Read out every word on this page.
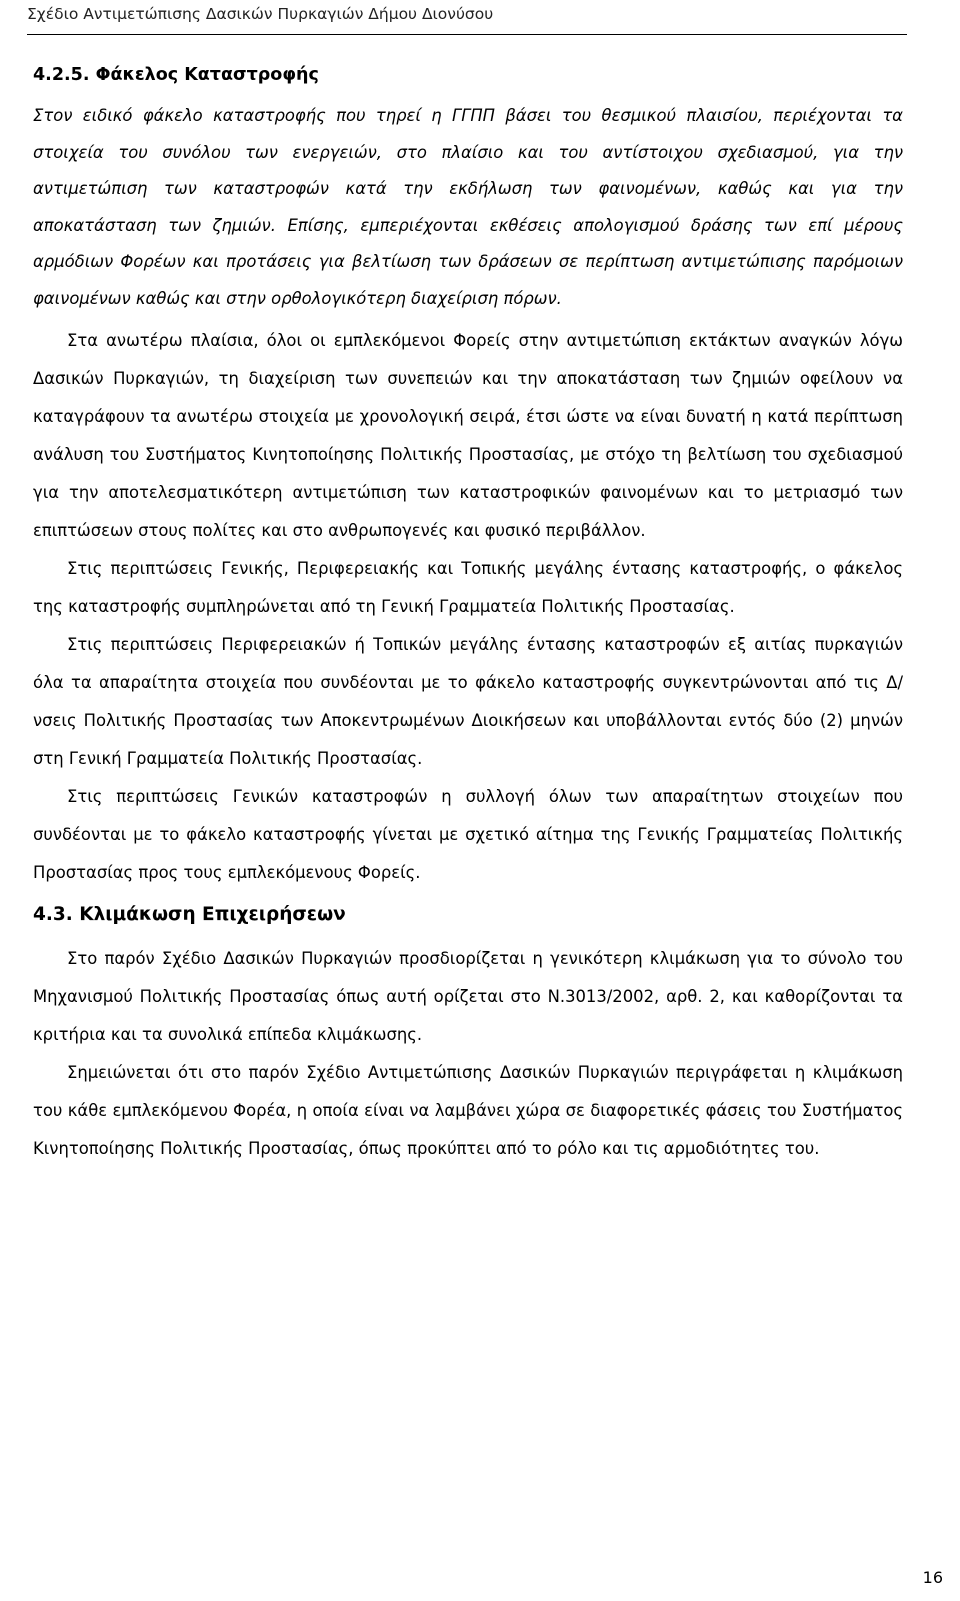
Σχέδιο Αντιμετώπισης Δασικών Πυρκαγιών Δήμου Διονύσου
4.2.5. Φάκελος Καταστροφής

Στον ειδικό φάκελο καταστροφής που τηρεί η ΓΓΠΠ βάσει του θεσμικού πλαισίου, περιέχονται τα στοιχεία του συνόλου των ενεργειών, στο πλαίσιο και του αντίστοιχου σχεδιασμού, για την αντιμετώπιση των καταστροφών κατά την εκδήλωση των φαινομένων, καθώς και για την αποκατάσταση των ζημιών. Επίσης, εμπεριέχονται εκθέσεις απολογισμού δράσης των επί μέρους αρμόδιων Φορέων και προτάσεις για βελτίωση των δράσεων σε περίπτωση αντιμετώπισης παρόμοιων φαινομένων καθώς και στην ορθολογικότερη διαχείριση πόρων.

Στα ανωτέρω πλαίσια, όλοι οι εμπλεκόμενοι Φορείς στην αντιμετώπιση εκτάκτων αναγκών λόγω Δασικών Πυρκαγιών, τη διαχείριση των συνεπειών και την αποκατάσταση των ζημιών οφείλουν να καταγράφουν τα ανωτέρω στοιχεία με χρονολογική σειρά, έτσι ώστε να είναι δυνατή η κατά περίπτωση ανάλυση του Συστήματος Κινητοποίησης Πολιτικής Προστασίας, με στόχο τη βελτίωση του σχεδιασμού για την αποτελεσματικότερη αντιμετώπιση των καταστροφικών φαινομένων και το μετριασμό των επιπτώσεων στους πολίτες και στο ανθρωπογενές και φυσικό περιβάλλον.

Στις περιπτώσεις Γενικής, Περιφερειακής και Τοπικής μεγάλης έντασης καταστροφής, ο φάκελος της καταστροφής συμπληρώνεται από τη Γενική Γραμματεία Πολιτικής Προστασίας.

Στις περιπτώσεις Περιφερειακών ή Τοπικών μεγάλης έντασης καταστροφών εξ αιτίας πυρκαγιών όλα τα απαραίτητα στοιχεία που συνδέονται με το φάκελο καταστροφής συγκεντρώνονται από τις Δ/νσεις Πολιτικής Προστασίας των Αποκεντρωμένων Διοικήσεων και υποβάλλονται εντός δύο (2) μηνών στη Γενική Γραμματεία Πολιτικής Προστασίας.

Στις περιπτώσεις Γενικών καταστροφών η συλλογή όλων των απαραίτητων στοιχείων που συνδέονται με το φάκελο καταστροφής γίνεται με σχετικό αίτημα της Γενικής Γραμματείας Πολιτικής Προστασίας προς τους εμπλεκόμενους Φορείς.

4.3. Κλιμάκωση Επιχειρήσεων

Στο παρόν Σχέδιο Δασικών Πυρκαγιών προσδιορίζεται η γενικότερη κλιμάκωση για το σύνολο του Μηχανισμού Πολιτικής Προστασίας όπως αυτή ορίζεται στο Ν.3013/2002, αρθ. 2, και καθορίζονται τα κριτήρια και τα συνολικά επίπεδα κλιμάκωσης.

Σημειώνεται ότι στο παρόν Σχέδιο Αντιμετώπισης Δασικών Πυρκαγιών περιγράφεται η κλιμάκωση του κάθε εμπλεκόμενου Φορέα, η οποία είναι να λαμβάνει χώρα σε διαφορετικές φάσεις του Συστήματος Κινητοποίησης Πολιτικής Προστασίας, όπως προκύπτει από το ρόλο και τις αρμοδιότητες του.

16
